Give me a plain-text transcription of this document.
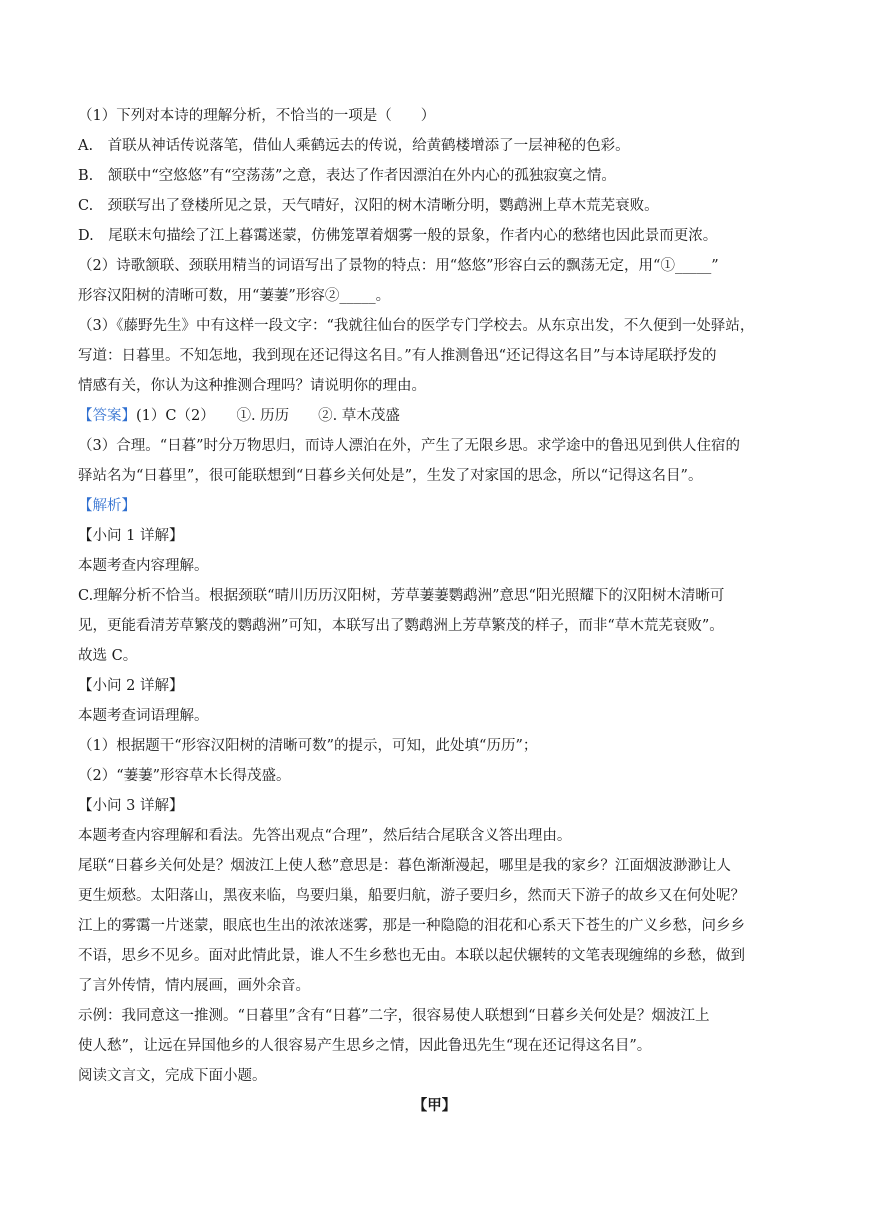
（1）下列对本诗的理解分析，不恰当的一项是（　　）
A.　首联从神话传说落笔，借仙人乘鹤远去的传说，给黄鹤楼增添了一层神秘的色彩。
B.　颔联中“空悠悠”有“空荡荡”之意，表达了作者因漂泊在外内心的孤独寂寞之情。
C.　颈联写出了登楼所见之景，天气晴好，汉阳的树木清晰分明，鹦鹉洲上草木荒芜衰败。
D.　尾联末句描绘了江上暮霭迷蒙，仿佛笼罩着烟雾一般的景象，作者内心的愁绪也因此景而更浓。
（2）诗歌颔联、颈联用精当的词语写出了景物的特点：用“悠悠”形容白云的飘荡无定，用“①_____”
形容汉阳树的清晰可数，用“萋萋”形容②_____。
（3）《藤野先生》中有这样一段文字：“我就往仙台的医学专门学校去。从东京出发，不久便到一处驿站，
写道：日暮里。不知怎地，我到现在还记得这名目。”有人推测鲁迅“还记得这名目”与本诗尾联抒发的
情感有关，你认为这种推测合理吗？请说明你的理由。
【答案】(1）C（2）　　①. 历历　　②. 草木茂盛
（3）合理。“日暮”时分万物思归，而诗人漂泊在外，产生了无限乡思。求学途中的鲁迅见到供人住宿的
驿站名为“日暮里”，很可能联想到“日暮乡关何处是”，生发了对家国的思念，所以“记得这名目”。
【解析】
【小问 1 详解】
本题考查内容理解。
C.理解分析不恰当。根据颈联“晴川历历汉阳树，芳草萋萋鹦鹉洲”意思“阳光照耀下的汉阳树木清晰可
见，更能看清芳草繁茂的鹦鹉洲”可知，本联写出了鹦鹉洲上芳草繁茂的样子，而非“草木荒芜衰败”。
故选 C。
【小问 2 详解】
本题考查词语理解。
（1）根据题干“形容汉阳树的清晰可数”的提示，可知，此处填“历历”；
（2）“萋萋”形容草木长得茂盛。
【小问 3 详解】
本题考查内容理解和看法。先答出观点“合理”，然后结合尾联含义答出理由。
尾联“日暮乡关何处是？烟波江上使人愁”意思是：暮色渐渐漫起，哪里是我的家乡？江面烟波渺渺让人
更生烦愁。太阳落山，黑夜来临，鸟要归巢，船要归航，游子要归乡，然而天下游子的故乡又在何处呢？
江上的雾霭一片迷蒙，眼底也生出的浓浓迷雾，那是一种隐隐的泪花和心系天下苍生的广义乡愁，问乡乡
不语，思乡不见乡。面对此情此景，谁人不生乡愁也无由。本联以起伏辗转的文笔表现缠绵的乡愁，做到
了言外传情，情内展画，画外余音。
示例：我同意这一推测。“日暮里”含有“日暮”二字，很容易使人联想到“日暮乡关何处是？烟波江上
使人愁”，让远在异国他乡的人很容易产生思乡之情，因此鲁迅先生“现在还记得这名目”。
阅读文言文，完成下面小题。
【甲】
